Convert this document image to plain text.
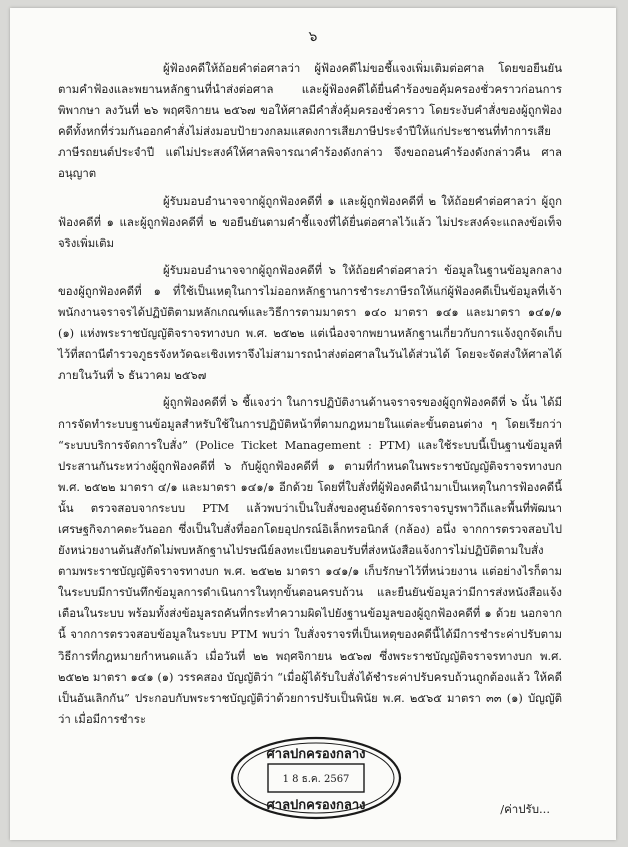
๖

ผู้ฟ้องคดีให้ถ้อยคำต่อศาลว่า ผู้ฟ้องคดีไม่ขอชี้แจงเพิ่มเติมต่อศาล โดยขอยืนยันตามคำฟ้องและพยานหลักฐานที่นำส่งต่อศาล และผู้ฟ้องคดีได้ยื่นคำร้องขอคุ้มครองชั่วคราวก่อนการพิพากษา ลงวันที่ ๒๖ พฤศจิกายน ๒๕๖๗ ขอให้ศาลมีคำสั่งคุ้มครองชั่วคราว โดยระงับคำสั่งของผู้ถูกฟ้องคดีทั้งหกที่ร่วมกันออกคำสั่งไม่ส่งมอบป้ายวงกลมแสดงการเสียภาษีประจำปีให้แก่ประชาชนที่ทำการเสียภาษีรถยนต์ประจำปี แต่ไม่ประสงค์ให้ศาลพิจารณาคำร้องดังกล่าว จึงขอถอนคำร้องดังกล่าวคืน ศาลอนุญาต

ผู้รับมอบอำนาจจากผู้ถูกฟ้องคดีที่ ๑ และผู้ถูกฟ้องคดีที่ ๒ ให้ถ้อยคำต่อศาลว่า ผู้ถูกฟ้องคดีที่ ๑ และผู้ถูกฟ้องคดีที่ ๒ ขอยืนยันตามคำชี้แจงที่ได้ยื่นต่อศาลไว้แล้ว ไม่ประสงค์จะแถลงข้อเท็จจริงเพิ่มเติม

ผู้รับมอบอำนาจจากผู้ถูกฟ้องคดีที่ ๖ ให้ถ้อยคำต่อศาลว่า ข้อมูลในฐานข้อมูลกลางของผู้ถูกฟ้องคดีที่ ๑ ที่ใช้เป็นเหตุในการไม่ออกหลักฐานการชำระภาษีรถให้แก่ผู้ฟ้องคดีเป็นข้อมูลที่เจ้าพนักงานจราจรได้ปฏิบัติตามหลักเกณฑ์และวิธีการตามมาตรา ๑๔๐ มาตรา ๑๔๑ และมาตรา ๑๔๑/๑ (๑) แห่งพระราชบัญญัติจราจรทางบก พ.ศ. ๒๕๒๒ แต่เนื่องจากพยานหลักฐานเกี่ยวกับการแจ้งถูกจัดเก็บไว้ที่สถานีตำรวจภูธรจังหวัดฉะเชิงเทราจึงไม่สามารถนำส่งต่อศาลในวันได้ส่วนได้ โดยจะจัดส่งให้ศาลได้ภายในวันที่ ๖ ธันวาคม ๒๕๖๗

ผู้ถูกฟ้องคดีที่ ๖ ชี้แจงว่า ในการปฏิบัติงานด้านจราจรของผู้ถูกฟ้องคดีที่ ๖ นั้น ได้มีการจัดทำระบบฐานข้อมูลสำหรับใช้ในการปฏิบัติหน้าที่ตามกฎหมายในแต่ละขั้นตอนต่าง ๆ โดยเรียกว่า “ระบบบริการจัดการใบสั่ง” (Police Ticket Management : PTM) และใช้ระบบนี้เป็นฐานข้อมูลที่ประสานกันระหว่างผู้ถูกฟ้องคดีที่ ๖ กับผู้ถูกฟ้องคดีที่ ๑ ตามที่กำหนดในพระราชบัญญัติจราจรทางบก พ.ศ. ๒๕๒๒ มาตรา ๔/๑ และมาตรา ๑๔๑/๑ อีกด้วย โดยที่ใบสั่งที่ผู้ฟ้องคดีนำมาเป็นเหตุในการฟ้องคดีนี้ นั้น ตรวจสอบจากระบบ PTM แล้วพบว่าเป็นใบสั่งของศูนย์จัดการจราจรบูรพาวิถีและพื้นที่พัฒนาเศรษฐกิจภาคตะวันออก ซึ่งเป็นใบสั่งที่ออกโดยอุปกรณ์อิเล็กทรอนิกส์ (กล้อง) อนึ่ง จากการตรวจสอบไปยังหน่วยงานต้นสังกัดไม่พบหลักฐานไปรษณีย์ลงทะเบียนตอบรับที่ส่งหนังสือแจ้งการไม่ปฏิบัติตามใบสั่งตามพระราชบัญญัติจราจรทางบก พ.ศ. ๒๕๒๒ มาตรา ๑๔๑/๑ เก็บรักษาไว้ที่หน่วยงาน แต่อย่างไรก็ตาม ในระบบมีการบันทึกข้อมูลการดำเนินการในทุกขั้นตอนครบถ้วน และยืนยันข้อมูลว่ามีการส่งหนังสือแจ้งเตือนในระบบ พร้อมทั้งส่งข้อมูลรถคันที่กระทำความผิดไปยังฐานข้อมูลของผู้ถูกฟ้องคดีที่ ๑ ด้วย นอกจากนี้ จากการตรวจสอบข้อมูลในระบบ PTM พบว่า ใบสั่งจราจรที่เป็นเหตุของคดีนี้ได้มีการชำระค่าปรับตามวิธีการที่กฎหมายกำหนดแล้ว เมื่อวันที่ ๒๒ พฤศจิกายน ๒๕๖๗ ซึ่งพระราชบัญญัติจราจรทางบก พ.ศ. ๒๕๒๒ มาตรา ๑๔๑ (๑) วรรคสอง บัญญัติว่า “เมื่อผู้ได้รับใบสั่งได้ชำระค่าปรับครบถ้วนถูกต้องแล้ว ให้คดีเป็นอันเลิกกัน” ประกอบกับพระราชบัญญัติว่าด้วยการปรับเป็นพินัย พ.ศ. ๒๕๖๕ มาตรา ๓๓ (๑) บัญญัติว่า เมื่อมีการชำระ

ศาลปกครองกลาง
1 8 ธ.ค. 2567
ศาลปกครองกลาง	/ค่าปรับ...
